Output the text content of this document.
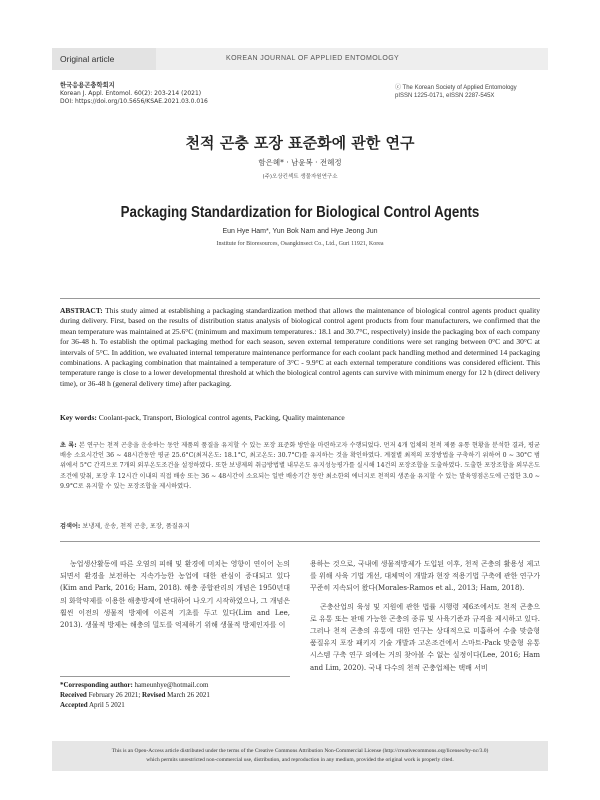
Original article	KOREAN JOURNAL OF APPLIED ENTOMOLOGY
한국응용곤충학회지
Korean J. Appl. Entomol. 60(2): 203-214 (2021)
DOI: https://doi.org/10.5656/KSAE.2021.03.0.016
ⓒ The Korean Society of Applied Entomology
pISSN 1225-0171, eISSN 2287-545X
천적 곤충 포장 표준화에 관한 연구
함은혜* · 남윤복 · 전혜정
(주)오상킨섹트 생물자원연구소
Packaging Standardization for Biological Control Agents
Eun Hye Ham*, Yun Bok Nam and Hye Jeong Jun
Institute for Bioresources, Osangkinsect Co., Ltd., Guri 11921, Korea
ABSTRACT: This study aimed at establishing a packaging standardization method that allows the maintenance of biological control agents product quality during delivery. First, based on the results of distribution status analysis of biological control agent products from four manufacturers, we confirmed that the mean temperature was maintained at 25.6°C (minimum and maximum temperatures.: 18.1 and 30.7°C, respectively) inside the packaging box of each company for 36-48 h. To establish the optimal packaging method for each season, seven external temperature conditions were set ranging between 0°C and 30°C at intervals of 5°C. In addition, we evaluated internal temperature maintenance performance for each coolant pack handling method and determined 14 packaging combinations. A packaging combination that maintained a temperature of 3°C - 9.9°C at each external temperature conditions was considered efficient. This temperature range is close to a lower developmental threshold at which the biological control agents can survive with minimum energy for 12 h (direct delivery time), or 36-48 h (general delivery time) after packaging.
Key words: Coolant-pack, Transport, Biological control agents, Packing, Quality maintenance
초 록: 본 연구는 천적 곤충을 운송하는 동안 제품의 품질을 유지할 수 있는 포장 표준화 방안을 마련하고자 수행되었다. 먼저 4개 업체의 천적 제품 유통 현황을 분석한 결과, 평균 배송 소요시간인 36 ~ 48시간동안 평균 25.6°C(최저온도: 18.1°C, 최고온도: 30.7°C)를 유지하는 것을 확인하였다. 계절별 최적의 포장방법을 구축하기 위하여 0 ~ 30°C 범위에서 5°C 간격으로 7개의 외부온도조건을 설정하였다. 또한 보냉제의 취급방법별 내부온도 유지성능평가를 실시해 14건의 포장조합을 도출하였다. 도출한 포장조합을 외부온도조건에 맞춰, 포장 후 12시간 이내의 직접 배송 또는 36 ~ 48시간이 소요되는 일반 배송기간 동안 최소한의 에너지로 천적의 생존을 유지할 수 있는 발육영점온도에 근접한 3.0 ~ 9.9°C로 유지할 수 있는 포장조합을 제시하였다.
검색어: 보냉제, 운송, 천적 곤충, 포장, 품질유지

농업생산활동에 따른 오염의 피해 및 환경에 미치는 영향이 연이어 논의되면서 환경을 보전하는 지속가능한 농업에 대한 관심이 증대되고 있다(Kim and Park, 2016; Ham, 2018). 해충 종합관리의 개념은 1950년대의 화학약제를 이용한 해충방제에 반대하여 나오기 시작하였으나, 그 개념은 훨씬 이전의 생물적 방제에 이론적 기초를 두고 있다(Lim and Lee, 2013). 생물적 방제는 해충의 밀도를 억제하기 위해 생물적 방제인자를 이

용하는 것으로, 국내에 생물적방제가 도입된 이후, 천적 곤충의 활용성 제고를 위해 사육 기법 개선, 대체먹이 개발과 현장 적용기법 구축에 관한 연구가 꾸준히 지속되어 왔다(Morales-Ramos et al., 2013; Ham, 2018).

곤충산업의 육성 및 지원에 관한 법률 시행령 제6조에서도 천적 곤충으로 유통 또는 판매 가능한 곤충의 종류 및 사육기준과 규격을 제시하고 있다. 그러나 천적 곤충의 유통에 대한 연구는 상대적으로 미흡하여 수출 맞춤형 품질유지 포장 패키지 기술 개발과 고온조건에서 스마트-Pack 맞춤형 유통시스템 구축 연구 외에는 거의 찾아볼 수 없는 실정이다(Lee, 2016; Ham and Lim, 2020). 국내 다수의 천적 곤충업체는 택배 서비

*Corresponding author: hameunhye@hotmail.com
Received February 26 2021; Revised March 26 2021
Accepted April 5 2021
This is an Open-Access article distributed under the terms of the Creative Commons Attribution Non-Commercial License (http://creativecommons.org/licenses/by-nc/3.0)
which permits unrestricted non-commercial use, distribution, and reproduction in any medium, provided the original work is properly cited.
